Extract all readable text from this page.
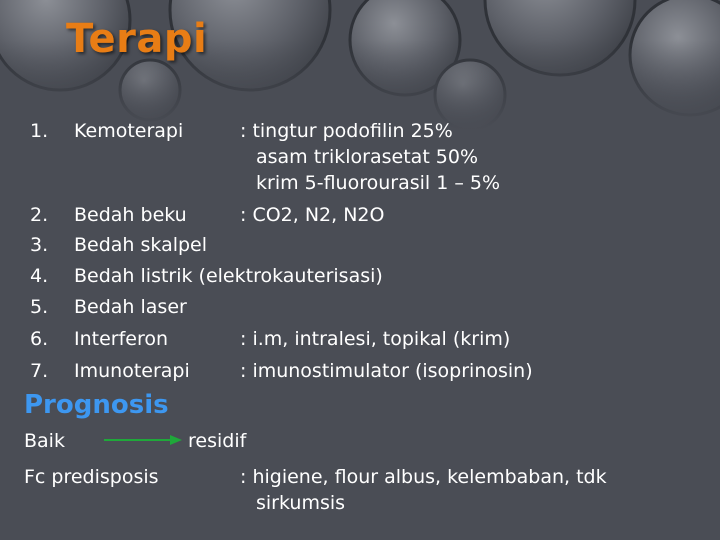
Terapi
1. Kemoterapi	: tingtur podofilin 25%
asam triklorasetat 50%
krim 5-fluorourasil 1 – 5%
2. Bedah beku	: CO2, N2, N2O
3. Bedah skalpel
4. Bedah listrik (elektrokauterisasi)
5. Bedah laser
6. Interferon	: i.m, intralesi, topikal (krim)
7. Imunoterapi	: imunostimulator (isoprinosin)
Prognosis
Baik	residif
Fc predisposis	: higiene, flour albus, kelembaban, tdk
sirkumsis
